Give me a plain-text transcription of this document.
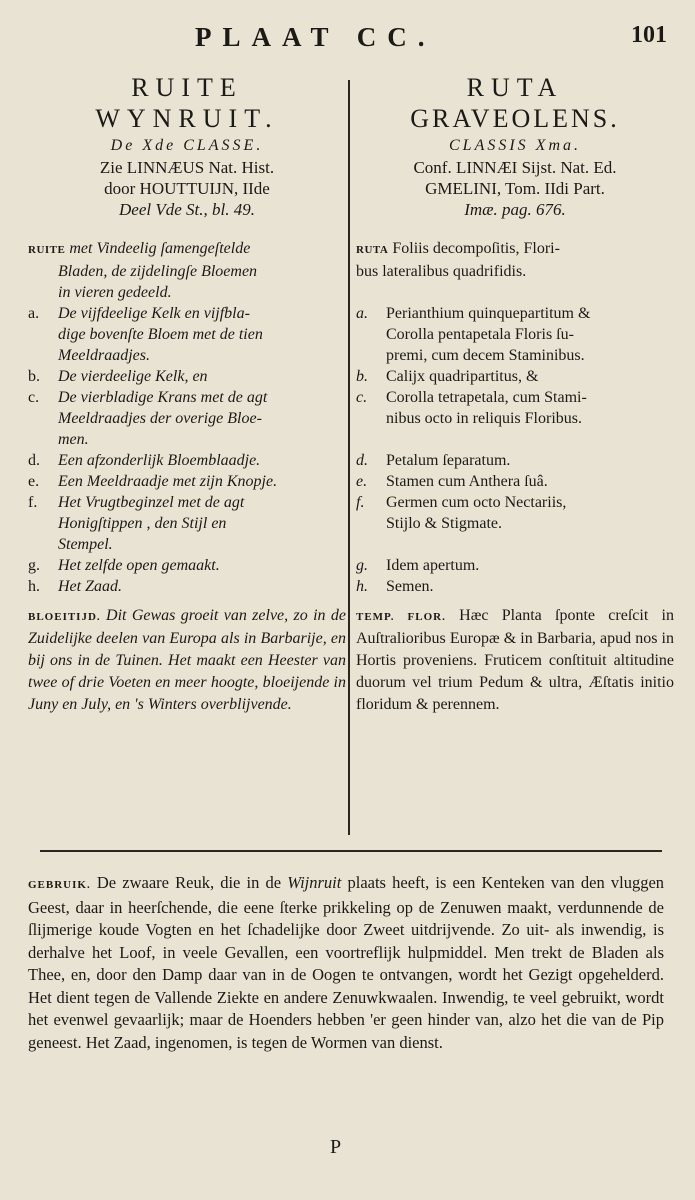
PLAAT CC.	101
RUITE
WYNRUIT.
De Xde CLASSE.
Zie LINNÆUS Nat. Hist.
door HOUTTUIJN, IIde
Deel Vde St., bl. 49.
RUITE met Vindeelig ſamengeſtelde
Bladen, de zijdelingſe Bloemen
in vieren gedeeld.
a. De vijfdeelige Kelk en vijfbla-
dige bovenſte Bloem met de tien
Meeldraadjes.
b. De vierdeelige Kelk, en
c. De vierbladige Krans met de agt
Meeldraadjes der overige Bloe-
men.
d. Een afzonderlijk Bloemblaadje.
e. Een Meeldraadje met zijn Knopje.
f. Het Vrugtbeginzel met de agt
Honigſtippen , den Stijl en
Stempel.
g. Het zelfde open gemaakt.
h. Het Zaad.
BLOEITIJD. Dit Gewas groeit van zelve, zo in de Zuidelijke deelen van Europa als in Barbarije, en bij ons in de Tuinen. Het maakt een Heester van twee of drie Voeten en meer hoogte, bloeijende in Juny en July, en 's Winters overblijvende.
RUTA
GRAVEOLENS.
CLASSIS Xma.
Conf. LINNÆI Sijst. Nat. Ed.
GMELINI, Tom. IIdi Part.
Imæ. pag. 676.
RUTA Foliis decompoſitis, Flori-
bus lateralibus quadrifidis.
a. Perianthium quinquepartitum &
Corolla pentapetala Floris ſu-
premi, cum decem Staminibus.
b. Calijx quadripartitus, &
c. Corolla tetrapetala, cum Stami-
nibus octo in reliquis Floribus.
d. Petalum ſeparatum.
e. Stamen cum Anthera ſuâ.
f. Germen cum octo Nectariis,
Stijlo & Stigmate.
g. Idem apertum.
h. Semen.
TEMP. FLOR. Hæc Planta ſponte creſcit in Auſtralioribus Europæ & in Barbaria, apud nos in Hortis proveniens. Fruticem conſtituit altitudine duorum vel trium Pedum & ultra, Æſtatis initio floridum & perennem.
GEBRUIK. De zwaare Reuk, die in de Wijnruit plaats heeft, is een Kenteken van den vluggen Geest, daar in heerſchende, die eene ſterke prikkeling op de Zenuwen maakt, verdunnende de ſlijmerige koude Vogten en het ſchadelijke door Zweet uitdrijvende. Zo uit- als inwendig, is derhalve het Loof, in veele Gevallen, een voortreflijk hulpmiddel. Men trekt de Bladen als Thee, en, door den Damp daar van in de Oogen te ontvangen, wordt het Gezigt opgehelderd. Het dient tegen de Vallende Ziekte en andere Zenuwkwaalen. Inwendig, te veel gebruikt, wordt het evenwel gevaarlijk; maar de Hoenders hebben 'er geen hinder van, alzo het die van de Pip geneest. Het Zaad, ingenomen, is tegen de Wormen van dienst.
P
